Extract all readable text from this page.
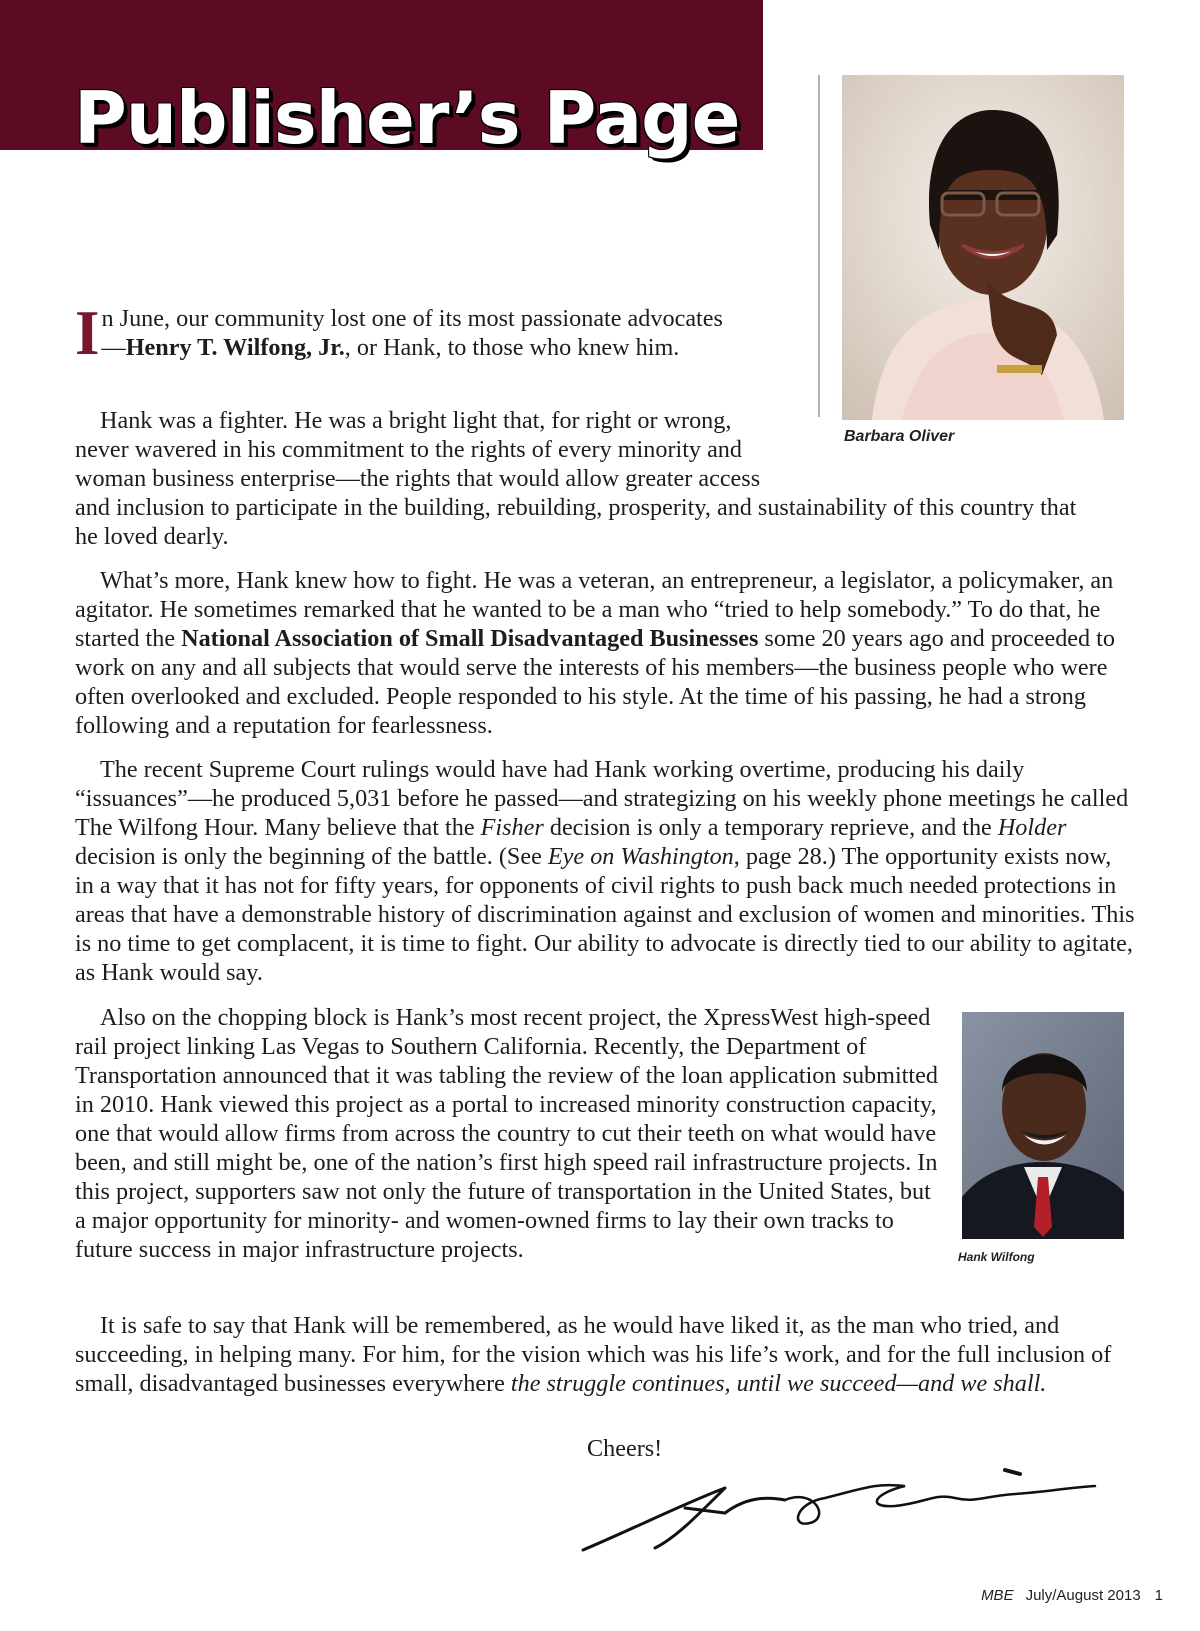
Publisher’s Page
Barbara Oliver
Hank Wilfong

In June, our community lost one of its most passionate advocates—Henry T. Wilfong, Jr., or Hank, to those who knew him.

Hank was a fighter. He was a bright light that, for right or wrong, never wavered in his commitment to the rights of every minority and woman business enterprise—the rights that would allow greater access and inclusion to participate in the building, rebuilding, prosperity, and sustainability of this country that he loved dearly.

What’s more, Hank knew how to fight. He was a veteran, an entrepreneur, a legislator, a policymaker, an agitator. He sometimes remarked that he wanted to be a man who “tried to help somebody.” To do that, he started the National Association of Small Disadvantaged Businesses some 20 years ago and proceeded to work on any and all subjects that would serve the interests of his members—the business people who were often overlooked and excluded. People responded to his style. At the time of his passing, he had a strong following and a reputation for fearlessness.

The recent Supreme Court rulings would have had Hank working overtime, producing his daily “issuances”—he produced 5,031 before he passed—and strategizing on his weekly phone meetings he called The Wilfong Hour. Many believe that the Fisher decision is only a temporary reprieve, and the Holder decision is only the beginning of the battle. (See Eye on Washington, page 28.) The opportunity exists now, in a way that it has not for fifty years, for opponents of civil rights to push back much needed protections in areas that have a demonstrable history of discrimination against and exclusion of women and minorities. This is no time to get complacent, it is time to fight. Our ability to advocate is directly tied to our ability to agitate, as Hank would say.

Also on the chopping block is Hank’s most recent project, the XpressWest high-speed rail project linking Las Vegas to Southern California. Recently, the Department of Transportation announced that it was tabling the review of the loan application submitted in 2010. Hank viewed this project as a portal to increased minority construction capacity, one that would allow firms from across the country to cut their teeth on what would have been, and still might be, one of the nation’s first high speed rail infrastructure projects. In this project, supporters saw not only the future of transportation in the United States, but a major opportunity for minority- and women-owned firms to lay their own tracks to future success in major infrastructure projects.

It is safe to say that Hank will be remembered, as he would have liked it, as the man who tried, and succeeding, in helping many. For him, for the vision which was his life’s work, and for the full inclusion of small, disadvantaged businesses everywhere the struggle continues, until we succeed—and we shall.

Cheers!

MBE July/August 2013 1
